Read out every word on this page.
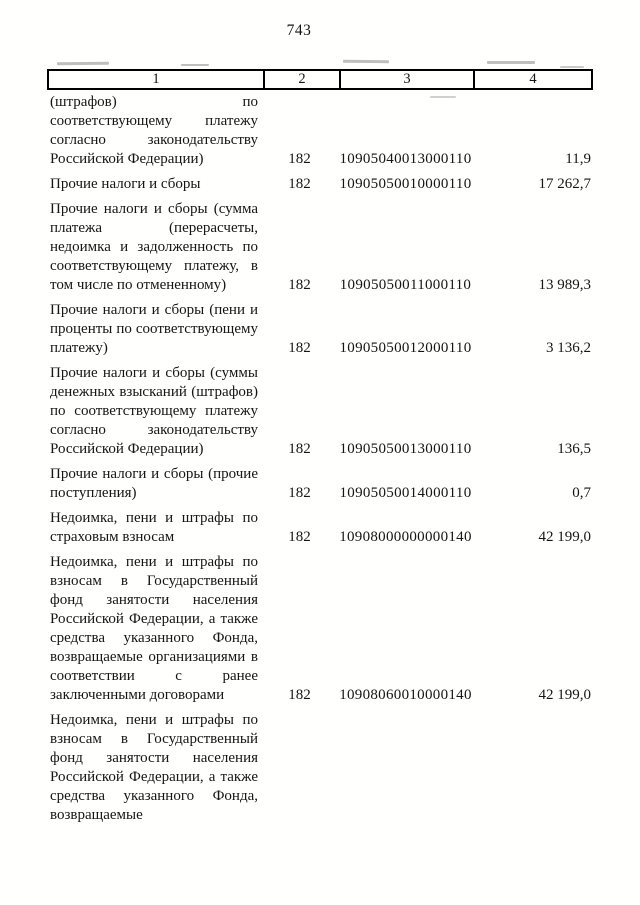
743
1	2	3	4
(штрафов) по соответствующему платежу согласно законодательству Российской Федерации)	182	10905040013000110	11,9
Прочие налоги и сборы	182	10905050010000110	17 262,7
Прочие налоги и сборы (сумма платежа (перерасчеты, недоимка и задолженность по соответствующему платежу, в том числе по отмененному)	182	10905050011000110	13 989,3
Прочие налоги и сборы (пени и проценты по соответствующему платежу)	182	10905050012000110	3 136,2
Прочие налоги и сборы (суммы денежных взысканий (штрафов) по соответствующему платежу согласно законодательству Российской Федерации)	182	10905050013000110	136,5
Прочие налоги и сборы (прочие поступления)	182	10905050014000110	0,7
Недоимка, пени и штрафы по страховым взносам	182	10908000000000140	42 199,0
Недоимка, пени и штрафы по взносам в Государственный фонд занятости населения Российской Федерации, а также средства указанного Фонда, возвращаемые организациями в соответствии с ранее заключенными договорами	182	10908060010000140	42 199,0
Недоимка, пени и штрафы по взносам в Государственный фонд занятости населения Российской Федерации, а также средства указанного Фонда, возвращаемые
